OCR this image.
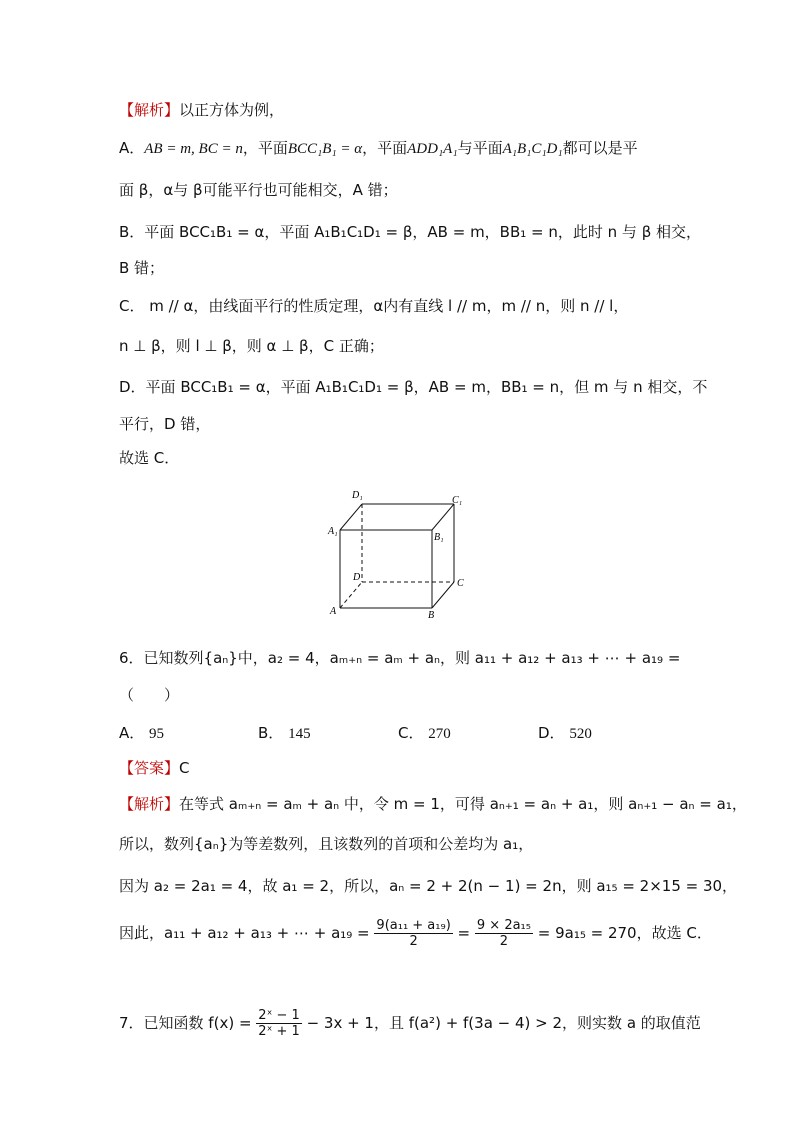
【解析】以正方体为例，
A．AB = m, BC = n，平面BCC₁B₁ = α，平面ADD₁A₁与平面A₁B₁C₁D₁都可以是平
面 β，α与 β可能平行也可能相交，A 错；
B．平面 BCC₁B₁ = α，平面 A₁B₁C₁D₁ = β，AB = m，BB₁ = n，此时 n 与 β 相交，
B 错；
C． m // α，由线面平行的性质定理，α内有直线 l // m，m // n，则 n // l，
n ⊥ β，则 l ⊥ β，则 α ⊥ β，C 正确；
D．平面 BCC₁B₁ = α，平面 A₁B₁C₁D₁ = β，AB = m，BB₁ = n，但 m 与 n 相交，不
平行，D 错，
故选 C．
D₁	C₁
A₁
B₁
D
C
A	B
6．已知数列{aₙ}中，a₂ = 4，aₘ₊ₙ = aₘ + aₙ，则 a₁₁ + a₁₂ + a₁₃ + ⋯ + a₁₉ =
（　　）
A． 95	B． 145	C． 270	D． 520
【答案】C
【解析】在等式 aₘ₊ₙ = aₘ + aₙ 中，令 m = 1，可得 aₙ₊₁ = aₙ + a₁，则 aₙ₊₁ − aₙ = a₁，
所以，数列{aₙ}为等差数列，且该数列的首项和公差均为 a₁，
因为 a₂ = 2a₁ = 4，故 a₁ = 2，所以，aₙ = 2 + 2(n − 1) = 2n，则 a₁₅ = 2×15 = 30，
因此，a₁₁ + a₁₂ + a₁₃ + ⋯ + $a_{19} = \frac{\text{9(a₁₁ + a₁₉)}}{2} = \frac{\text{9 × 2a₁₅}}{2} = 9a_{15} = 270$，故选 C．
7．已知函数 $f(x) = \frac{\text{2ˣ − 1}}{\text{2ˣ + 1}} - 3x + 1$，且 f(a²) + f(3a − 4) > 2，则实数 a 的取值范
